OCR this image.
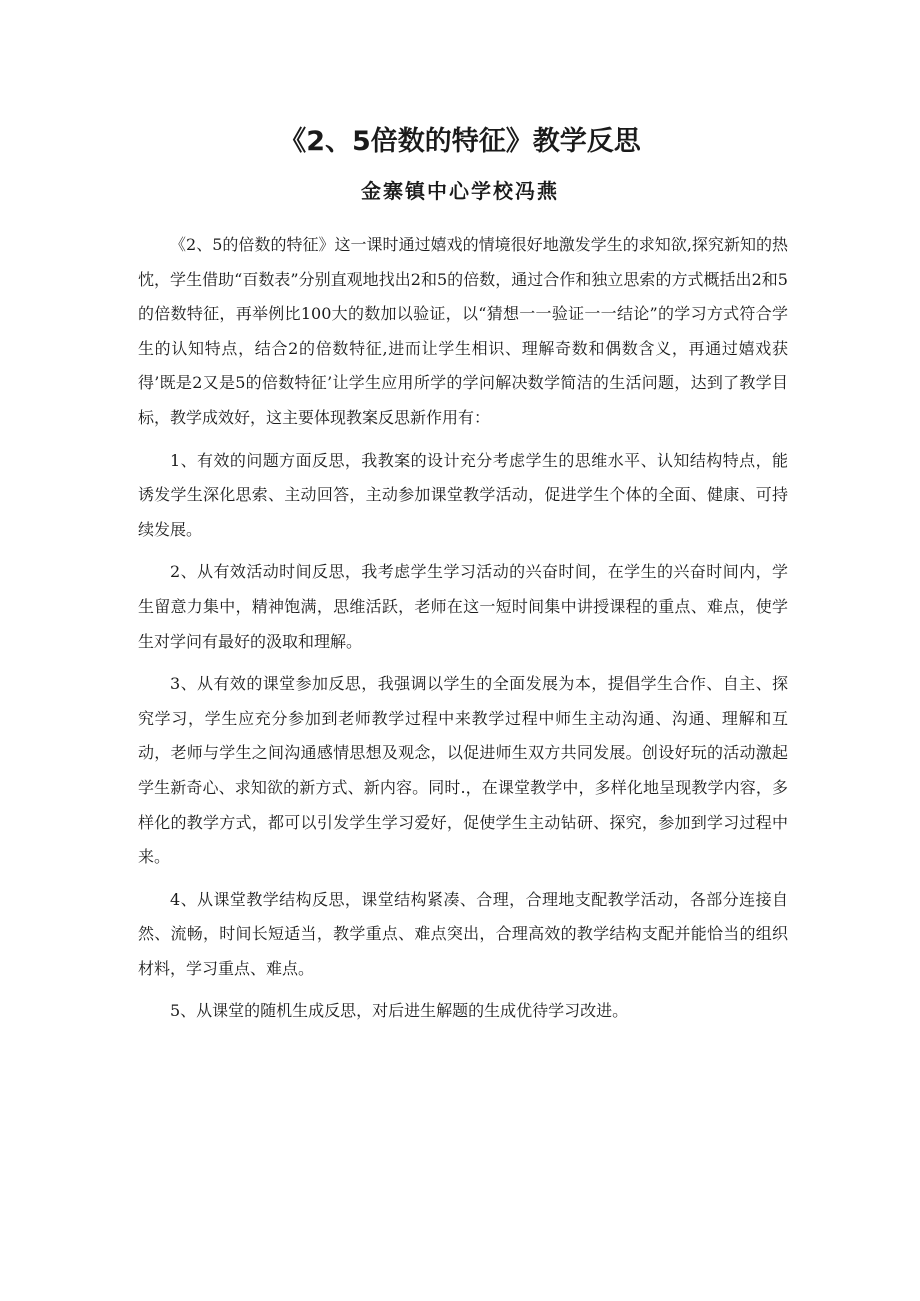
《2、5倍数的特征》教学反思
金寨镇中心学校冯燕

《2、5的倍数的特征》这一课时通过嬉戏的情境很好地激发学生的求知欲,探究新知的热忱，学生借助“百数表”分别直观地找出2和5的倍数，通过合作和独立思索的方式概括出2和5的倍数特征，再举例比100大的数加以验证，以“猜想一一验证一一结论”的学习方式符合学生的认知特点，结合2的倍数特征,进而让学生相识、理解奇数和偶数含义，再通过嬉戏获得’既是2又是5的倍数特征’让学生应用所学的学问解决数学简洁的生活问题，达到了教学目标，教学成效好，这主要体现教案反思新作用有：

1、有效的问题方面反思，我教案的设计充分考虑学生的思维水平、认知结构特点，能诱发学生深化思索、主动回答，主动参加课堂教学活动，促进学生个体的全面、健康、可持续发展。

2、从有效活动时间反思，我考虑学生学习活动的兴奋时间，在学生的兴奋时间内，学生留意力集中，精神饱满，思维活跃，老师在这一短时间集中讲授课程的重点、难点，使学生对学问有最好的汲取和理解。

3、从有效的课堂参加反思，我强调以学生的全面发展为本，提倡学生合作、自主、探究学习，学生应充分参加到老师教学过程中来教学过程中师生主动沟通、沟通、理解和互动，老师与学生之间沟通感情思想及观念，以促进师生双方共同发展。创设好玩的活动激起学生新奇心、求知欲的新方式、新内容。同时.，在课堂教学中，多样化地呈现教学内容，多样化的教学方式，都可以引发学生学习爱好，促使学生主动钻研、探究，参加到学习过程中来。

4、从课堂教学结构反思，课堂结构紧凑、合理，合理地支配教学活动，各部分连接自然、流畅，时间长短适当，教学重点、难点突出，合理高效的教学结构支配并能恰当的组织材料，学习重点、难点。

5、从课堂的随机生成反思，对后进生解题的生成优待学习改进。
